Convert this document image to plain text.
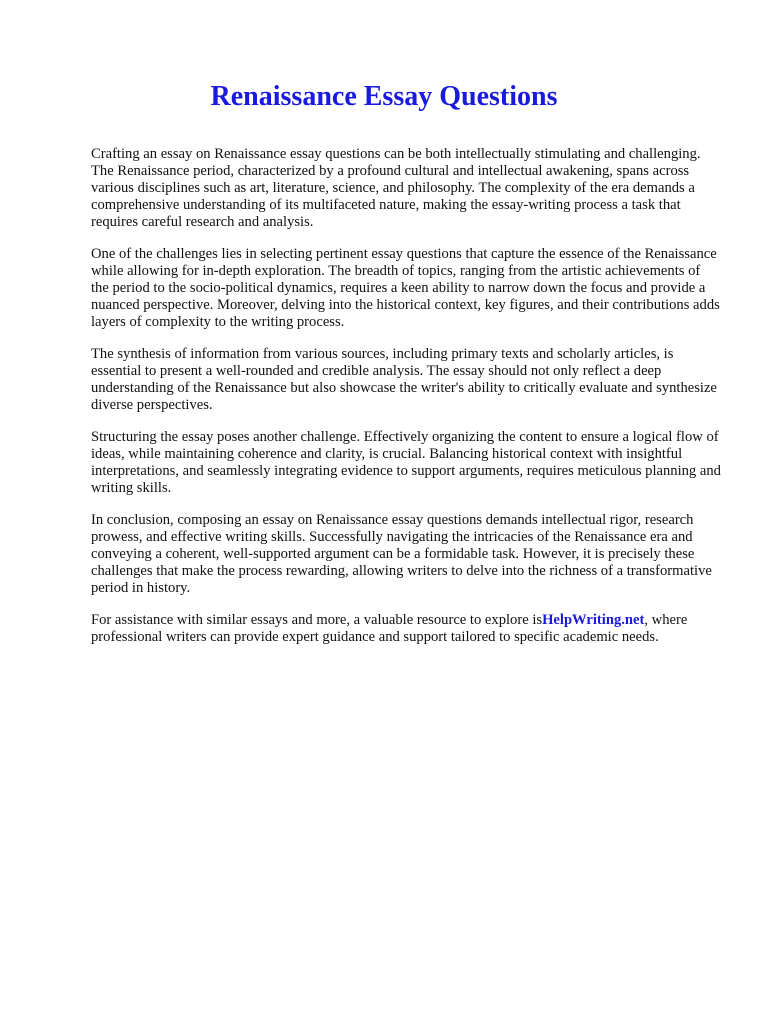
Renaissance Essay Questions

Crafting an essay on Renaissance essay questions can be both intellectually stimulating and challenging. The Renaissance period, characterized by a profound cultural and intellectual awakening, spans across various disciplines such as art, literature, science, and philosophy. The complexity of the era demands a comprehensive understanding of its multifaceted nature, making the essay-writing process a task that requires careful research and analysis.

One of the challenges lies in selecting pertinent essay questions that capture the essence of the Renaissance while allowing for in-depth exploration. The breadth of topics, ranging from the artistic achievements of the period to the socio-political dynamics, requires a keen ability to narrow down the focus and provide a nuanced perspective. Moreover, delving into the historical context, key figures, and their contributions adds layers of complexity to the writing process.

The synthesis of information from various sources, including primary texts and scholarly articles, is essential to present a well-rounded and credible analysis. The essay should not only reflect a deep understanding of the Renaissance but also showcase the writer's ability to critically evaluate and synthesize diverse perspectives.

Structuring the essay poses another challenge. Effectively organizing the content to ensure a logical flow of ideas, while maintaining coherence and clarity, is crucial. Balancing historical context with insightful interpretations, and seamlessly integrating evidence to support arguments, requires meticulous planning and writing skills.

In conclusion, composing an essay on Renaissance essay questions demands intellectual rigor, research prowess, and effective writing skills. Successfully navigating the intricacies of the Renaissance era and conveying a coherent, well-supported argument can be a formidable task. However, it is precisely these challenges that make the process rewarding, allowing writers to delve into the richness of a transformative period in history.

For assistance with similar essays and more, a valuable resource to explore isHelpWriting.net, where professional writers can provide expert guidance and support tailored to specific academic needs.
